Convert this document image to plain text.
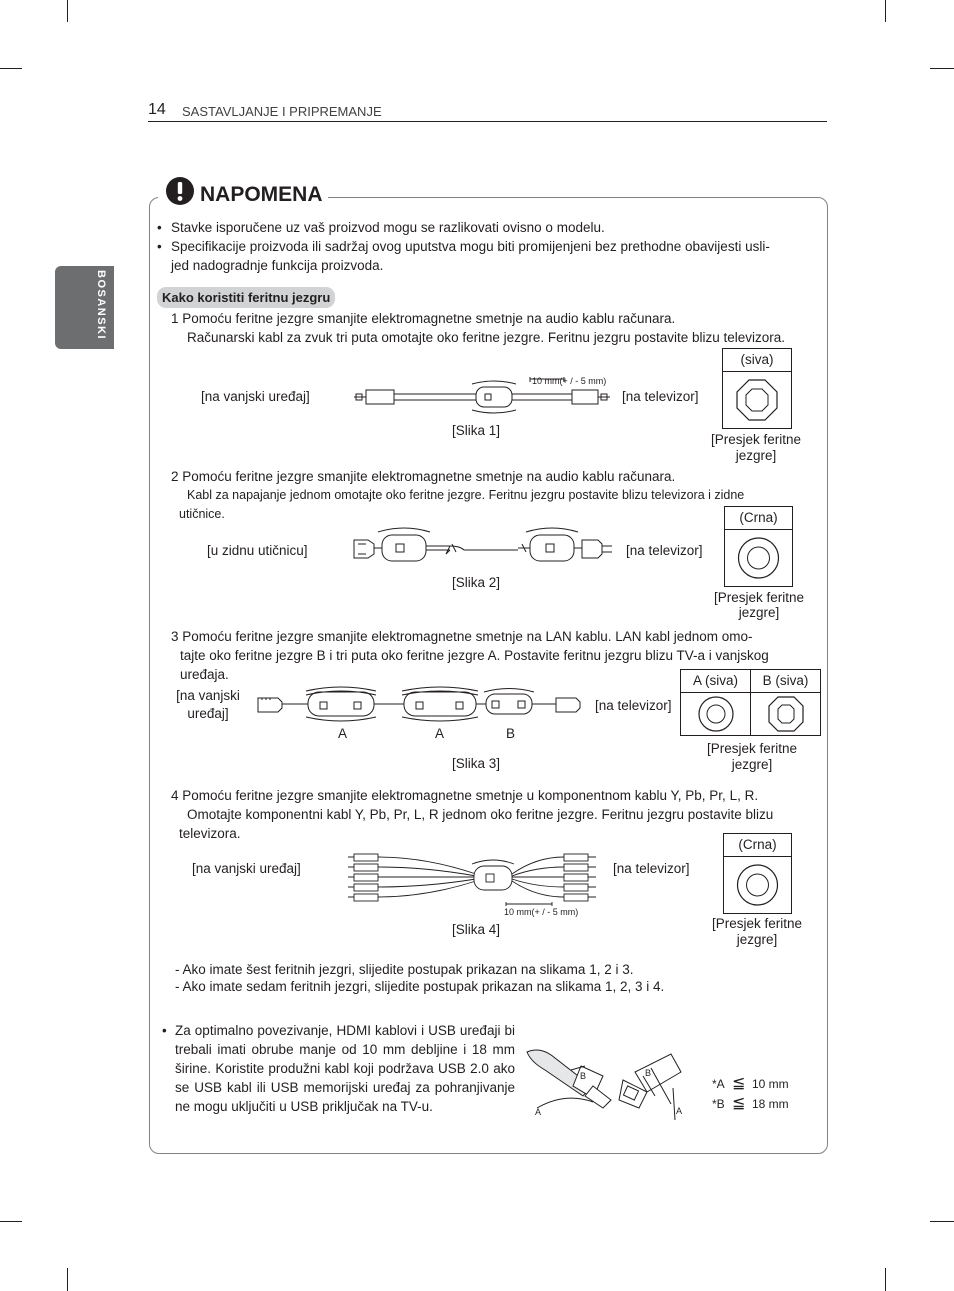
14 SASTAVLJANJE I PRIPREMANJE
BOSANSKI
NAPOMENA
• Stavke isporučene uz vaš proizvod mogu se razlikovati ovisno o modelu.
• Specifikacije proizvoda ili sadržaj ovog uputstva mogu biti promijenjeni bez prethodne obavijesti usli-
jed nadogradnje funkcija proizvoda.
Kako koristiti feritnu jezgru
1 Pomoću feritne jezgre smanjite elektromagnetne smetnje na audio kablu računara.
Računarski kabl za zvuk tri puta omotajte oko feritne jezgre. Feritnu jezgru postavite blizu televizora.
[na vanjski uređaj]	[na televizor]
[Slika 1]
10 mm(+ / - 5 mm)
(siva)
[Presjek feritne
jezgre]
2 Pomoću feritne jezgre smanjite elektromagnetne smetnje na audio kablu računara.
Kabl za napajanje jednom omotajte oko feritne jezgre. Feritnu jezgru postavite blizu televizora i zidne
utičnice.
[u zidnu utičnicu]	[na televizor]
[Slika 2]
(Crna)
[Presjek feritne
jezgre]
3 Pomoću feritne jezgre smanjite elektromagnetne smetnje na LAN kablu. LAN kabl jednom omo-
tajte oko feritne jezgre B i tri puta oko feritne jezgre A. Postavite feritnu jezgru blizu TV-a i vanjskog
uređaja.
[na vanjski
uređaj]
[na televizor]
A	A	B
[Slika 3]
A (siva)	B (siva)
[Presjek feritne
jezgre]
4 Pomoću feritne jezgre smanjite elektromagnetne smetnje u komponentnom kablu Y, Pb, Pr, L, R.
Omotajte komponentni kabl Y, Pb, Pr, L, R jednom oko feritne jezgre. Feritnu jezgru postavite blizu
televizora.
[na vanjski uređaj]	[na televizor]
10 mm(+ / - 5 mm)
[Slika 4]
(Crna)
[Presjek feritne
jezgre]
- Ako imate šest feritnih jezgri, slijedite postupak prikazan na slikama 1, 2 i 3.
- Ako imate sedam feritnih jezgri, slijedite postupak prikazan na slikama 1, 2, 3 i 4.
• Za optimalno povezivanje, HDMI kablovi i USB uređaji bi trebali imati obrube manje od 10 mm debljine i 18 mm širine. Koristite produžni kabl koji podržava USB 2.0 ako se USB kabl ili USB memorijski uređaj za pohranjivanje ne mogu uključiti u USB priključak na TV-u.	A
B	B
A
*A ≦ 10 mm
*B ≦ 18 mm
